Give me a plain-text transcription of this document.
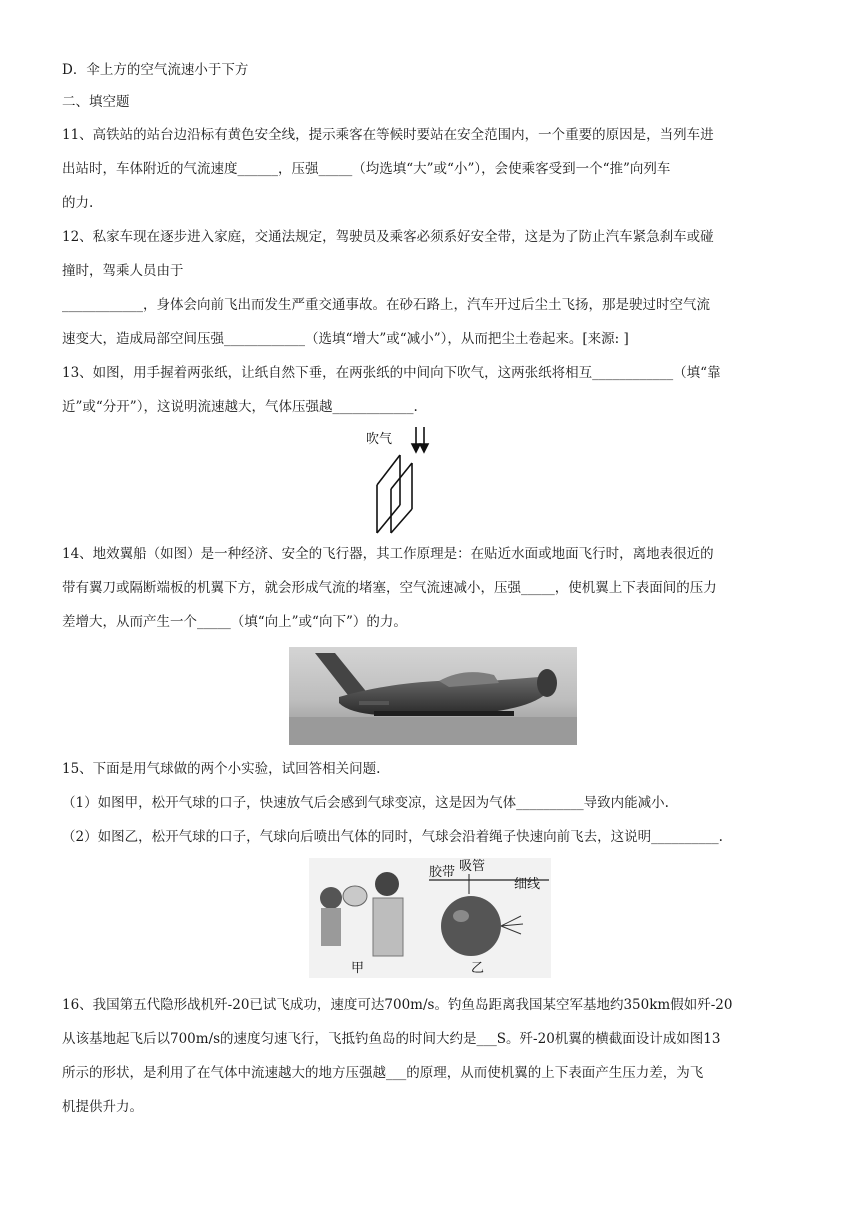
D．伞上方的空气流速小于下方
二、填空题
11、高铁站的站台边沿标有黄色安全线，提示乘客在等候时要站在安全范围内，一个重要的原因是，当列车进
出站时，车体附近的气流速度______，压强_____（均选填“大”或“小”），会使乘客受到一个“推”向列车
的力.
12、私家车现在逐步进入家庭，交通法规定，驾驶员及乘客必须系好安全带，这是为了防止汽车紧急刹车或碰
撞时，驾乘人员由于
____________，身体会向前飞出而发生严重交通事故。在砂石路上，汽车开过后尘土飞扬，那是驶过时空气流
速变大，造成局部空间压强____________（选填“增大”或“减小”），从而把尘土卷起来。[来源: ]
13、如图，用手握着两张纸，让纸自然下垂，在两张纸的中间向下吹气，这两张纸将相互____________（填“靠
近”或“分开”），这说明流速越大，气体压强越____________.
吹气
14、地效翼船（如图）是一种经济、安全的飞行器，其工作原理是：在贴近水面或地面飞行时，离地表很近的
带有翼刀或隔断端板的机翼下方，就会形成气流的堵塞，空气流速减小，压强_____，使机翼上下表面间的压力
差增大，从而产生一个_____（填“向上”或“向下”）的力。
15、下面是用气球做的两个小实验，试回答相关问题.
（1）如图甲，松开气球的口子，快速放气后会感到气球变凉，这是因为气体__________导致内能减小.
（2）如图乙，松开气球的口子，气球向后喷出气体的同时，气球会沿着绳子快速向前飞去，这说明__________.
甲
胶带 吸管
细线
乙
16、我国第五代隐形战机歼-20已试飞成功，速度可达700m/s。钓鱼岛距离我国某空军基地约350km假如歼-20
从该基地起飞后以700m/s的速度匀速飞行，飞抵钓鱼岛的时间大约是___S。歼-20机翼的横截面设计成如图13
所示的形状，是利用了在气体中流速越大的地方压强越___的原理，从而使机翼的上下表面产生压力差，为飞
机提供升力。
